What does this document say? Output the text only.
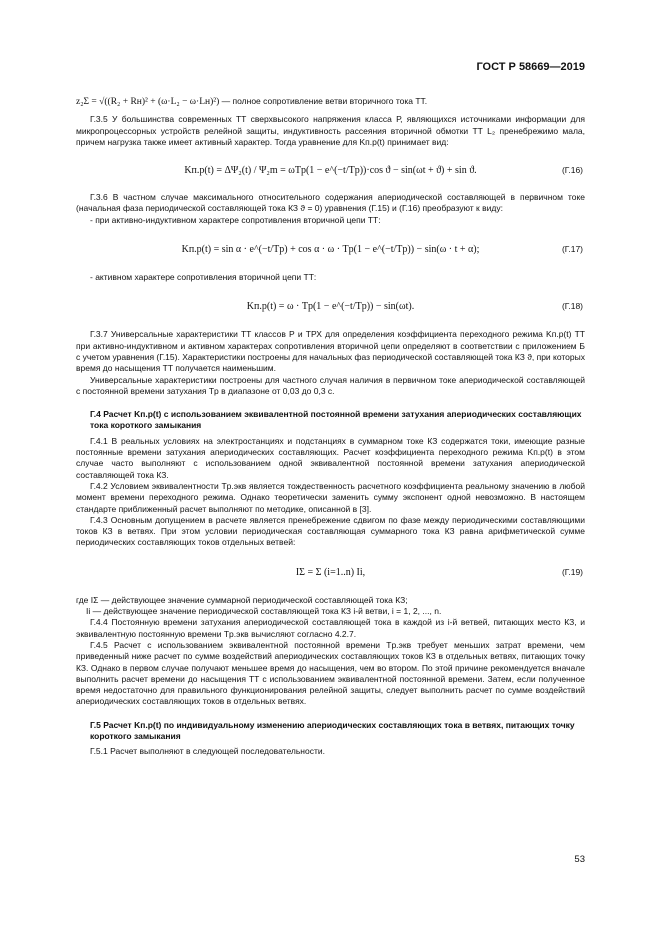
ГОСТ Р 58669—2019
z₂Σ = √((R₂ + Rн)² + (ω·L₂ − ω·Lн)²) — полное сопротивление ветви вторичного тока ТТ.

Г.3.5 У большинства современных ТТ сверхвысокого напряжения класса Р, являющихся источниками информации для микропроцессорных устройств релейной защиты, индуктивность рассеяния вторичной обмотки ТТ L₂ пренебрежимо мала, причем нагрузка также имеет активный характер. Тогда уравнение для Kп.р(t) принимает вид:

Kп.р(t) = ΔΨ₂(t) / Ψ₂m = ωTp(1 − e^(−t/Tp))·cos ϑ − sin(ωt + ϑ) + sin ϑ.	(Г.16)

Г.3.6 В частном случае максимального относительного содержания апериодической составляющей в первичном токе (начальная фаза периодической составляющей тока КЗ ϑ = 0) уравнения (Г.15) и (Г.16) преобразуют к виду:

- при активно-индуктивном характере сопротивления вторичной цепи ТТ:

Kп.р(t) = sin α · e^(−t/Tp) + cos α · ω · Tp(1 − e^(−t/Tp)) − sin(ω · t + α);	(Г.17)

- активном характере сопротивления вторичной цепи ТТ:

Kп.р(t) = ω · Tp(1 − e^(−t/Tp)) − sin(ωt).	(Г.18)

Г.3.7 Универсальные характеристики ТТ классов Р и ТРХ для определения коэффициента переходного режима Kп.р(t) ТТ при активно-индуктивном и активном характерах сопротивления вторичной цепи определяют в соответствии с приложением Б с учетом уравнения (Г.15). Характеристики построены для начальных фаз периодической составляющей тока КЗ ϑ, при которых время до насыщения ТТ получается наименьшим.

Универсальные характеристики построены для частного случая наличия в первичном токе апериодической составляющей с постоянной времени затухания Tp в диапазоне от 0,03 до 0,3 с.

Г.4 Расчет Kп.р(t) с использованием эквивалентной постоянной времени затухания апериодических составляющих тока короткого замыкания

Г.4.1 В реальных условиях на электростанциях и подстанциях в суммарном токе КЗ содержатся токи, имеющие разные постоянные времени затухания апериодических составляющих. Расчет коэффициента переходного режима Kп.р(t) в этом случае часто выполняют с использованием одной эквивалентной постоянной времени затухания апериодической составляющей тока КЗ.

Г.4.2 Условием эквивалентности Tp.экв является тождественность расчетного коэффициента реальному значению в любой момент времени переходного режима. Однако теоретически заменить сумму экспонент одной невозможно. В настоящем стандарте приближенный расчет выполняют по методике, описанной в [3].

Г.4.3 Основным допущением в расчете является пренебрежение сдвигом по фазе между периодическими составляющими токов КЗ в ветвях. При этом условии периодическая составляющая суммарного тока КЗ равна арифметической сумме периодических составляющих токов отдельных ветвей:

IΣ = Σ (i=1..n) Ii,	(Г.19)
где IΣ — действующее значение суммарной периодической составляющей тока КЗ;
Ii — действующее значение периодической составляющей тока КЗ i-й ветви, i = 1, 2, ..., n.

Г.4.4 Постоянную времени затухания апериодической составляющей тока в каждой из i-й ветвей, питающих место КЗ, и эквивалентную постоянную времени Tp.экв вычисляют согласно 4.2.7.

Г.4.5 Расчет с использованием эквивалентной постоянной времени Tp.экв требует меньших затрат времени, чем приведенный ниже расчет по сумме воздействий апериодических составляющих токов КЗ в отдельных ветвях, питающих точку КЗ. Однако в первом случае получают меньшее время до насыщения, чем во втором. По этой причине рекомендуется вначале выполнить расчет времени до насыщения ТТ с использованием эквивалентной постоянной времени. Затем, если полученное время недостаточно для правильного функционирования релейной защиты, следует выполнить расчет по сумме воздействий апериодических составляющих токов в отдельных ветвях.

Г.5 Расчет Kп.р(t) по индивидуальному изменению апериодических составляющих тока в ветвях, питающих точку короткого замыкания

Г.5.1 Расчет выполняют в следующей последовательности.

53
